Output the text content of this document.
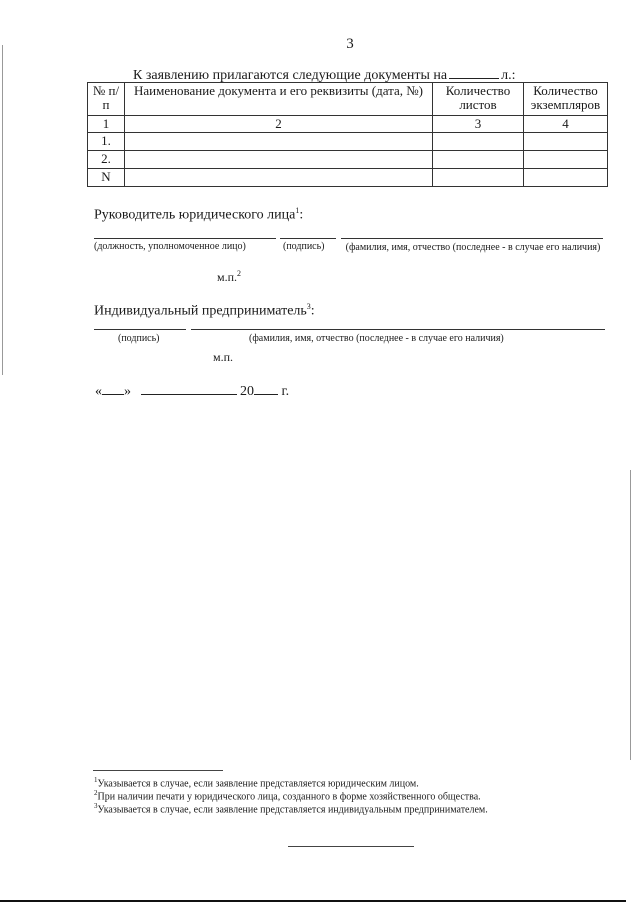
3
К заявлению прилагаются следующие документы на	л.:
№ п/п	Наименование документа и его реквизиты (дата, №)	Количество листов	Количество экземпляров
1	2	3	4
1.			
2.			
N			
Руководитель юридического лица$^1$:
(должность, уполномоченное лицо)	(подпись) (фамилия, имя, отчество (последнее - в случае его наличия)
м.п.$^2$
Индивидуальный предприниматель$^3$:
(подпись)	(фамилия, имя, отчество (последнее - в случае его наличия)
м.п.
« »	20 г.
$^1$Указывается в случае, если заявление представляется юридическим лицом.
$^2$При наличии печати у юридического лица, созданного в форме хозяйственного общества.
$^3$Указывается в случае, если заявление представляется индивидуальным предпринимателем.
